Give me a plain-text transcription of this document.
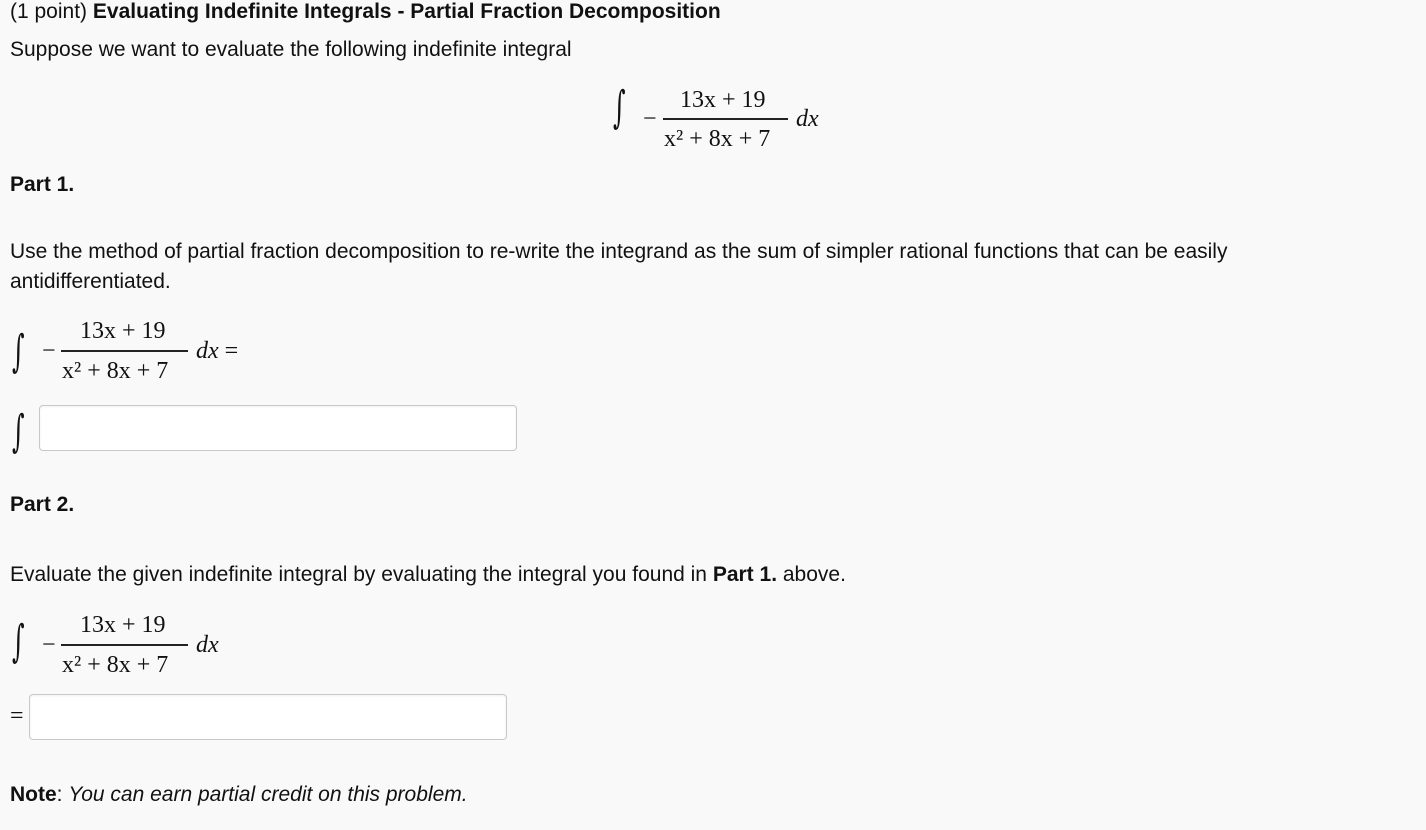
(1 point) Evaluating Indefinite Integrals - Partial Fraction Decomposition
Suppose we want to evaluate the following indefinite integral
∫ −
13x + 19
x² + 8x + 7
dx
Part 1.
Use the method of partial fraction decomposition to re-write the integrand as the sum of simpler rational functions that can be easily
antidifferentiated.
∫ −
13x + 19
x² + 8x + 7
dx =
∫
Part 2.
Evaluate the given indefinite integral by evaluating the integral you found in Part 1. above.
∫ −
13x + 19
x² + 8x + 7
dx
=
Note: You can earn partial credit on this problem.
